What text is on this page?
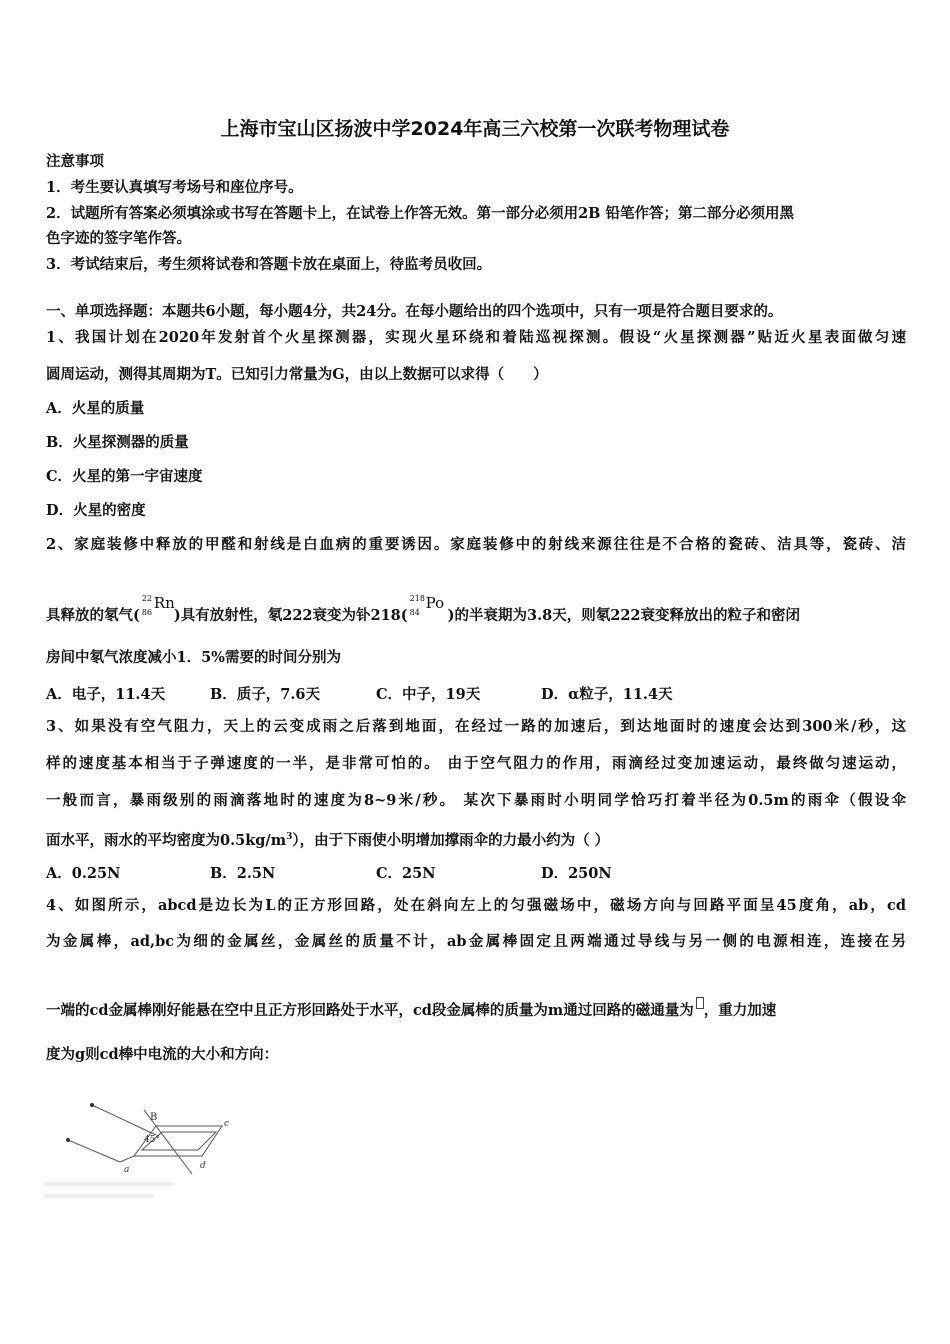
上海市宝山区扬波中学2024年高三六校第一次联考物理试卷
注意事项
1．考生要认真填写考场号和座位序号。
2．试题所有答案必须填涂或书写在答题卡上，在试卷上作答无效。第一部分必须用2B 铅笔作答；第二部分必须用黑
色字迹的签字笔作答。
3．考试结束后，考生须将试卷和答题卡放在桌面上，待监考员收回。
一、单项选择题：本题共6小题，每小题4分，共24分。在每小题给出的四个选项中，只有一项是符合题目要求的。
1、我国计划在2020年发射首个火星探测器，实现火星环绕和着陆巡视探测。假设“火星探测器”贴近火星表面做匀速
圆周运动，测得其周期为T。已知引力常量为G，由以上数据可以求得（　　）
A．火星的质量
B．火星探测器的质量
C．火星的第一宇宙速度
D．火星的密度
2、家庭装修中释放的甲醛和射线是白血病的重要诱因。家庭装修中的射线来源往往是不合格的瓷砖、洁具等，瓷砖、洁
具释放的氡气(
22
86
Rn
)具有放射性，氡222衰变为钋218(
218
84
Po
)的半衰期为3.8天，则氡222衰变释放出的粒子和密闭
房间中氡气浓度减小1．5%需要的时间分别为
A．电子，11.4天	B．质子，7.6天	C．中子，19天	D．α粒子，11.4天
3、如果没有空气阻力，天上的云变成雨之后落到地面，在经过一路的加速后，到达地面时的速度会达到300米/秒，这
样的速度基本相当于子弹速度的一半，是非常可怕的。 由于空气阻力的作用，雨滴经过变加速运动，最终做匀速运动，
一般而言，暴雨级别的雨滴落地时的速度为8~9米/秒。 某次下暴雨时小明同学恰巧打着半径为0.5m的雨伞（假设伞
面水平，雨水的平均密度为$0.5kg/m^3$），由于下雨使小明增加撑雨伞的力最小约为（ ）
A．0.25N	B．2.5N	C．25N	D．250N
4、如图所示，abcd是边长为L的正方形回路，处在斜向左上的匀强磁场中，磁场方向与回路平面呈45度角，ab，cd
为金属棒，ad,bc为细的金属丝，金属丝的质量不计，ab金属棒固定且两端通过导线与另一侧的电源相连，连接在另
一端的cd金属棒刚好能悬在空中且正方形回路处于水平，cd段金属棒的质量为m通过回路的磁通量为 ，重力加速
度为g则cd棒中电流的大小和方向：
B
45°
a
c
d
